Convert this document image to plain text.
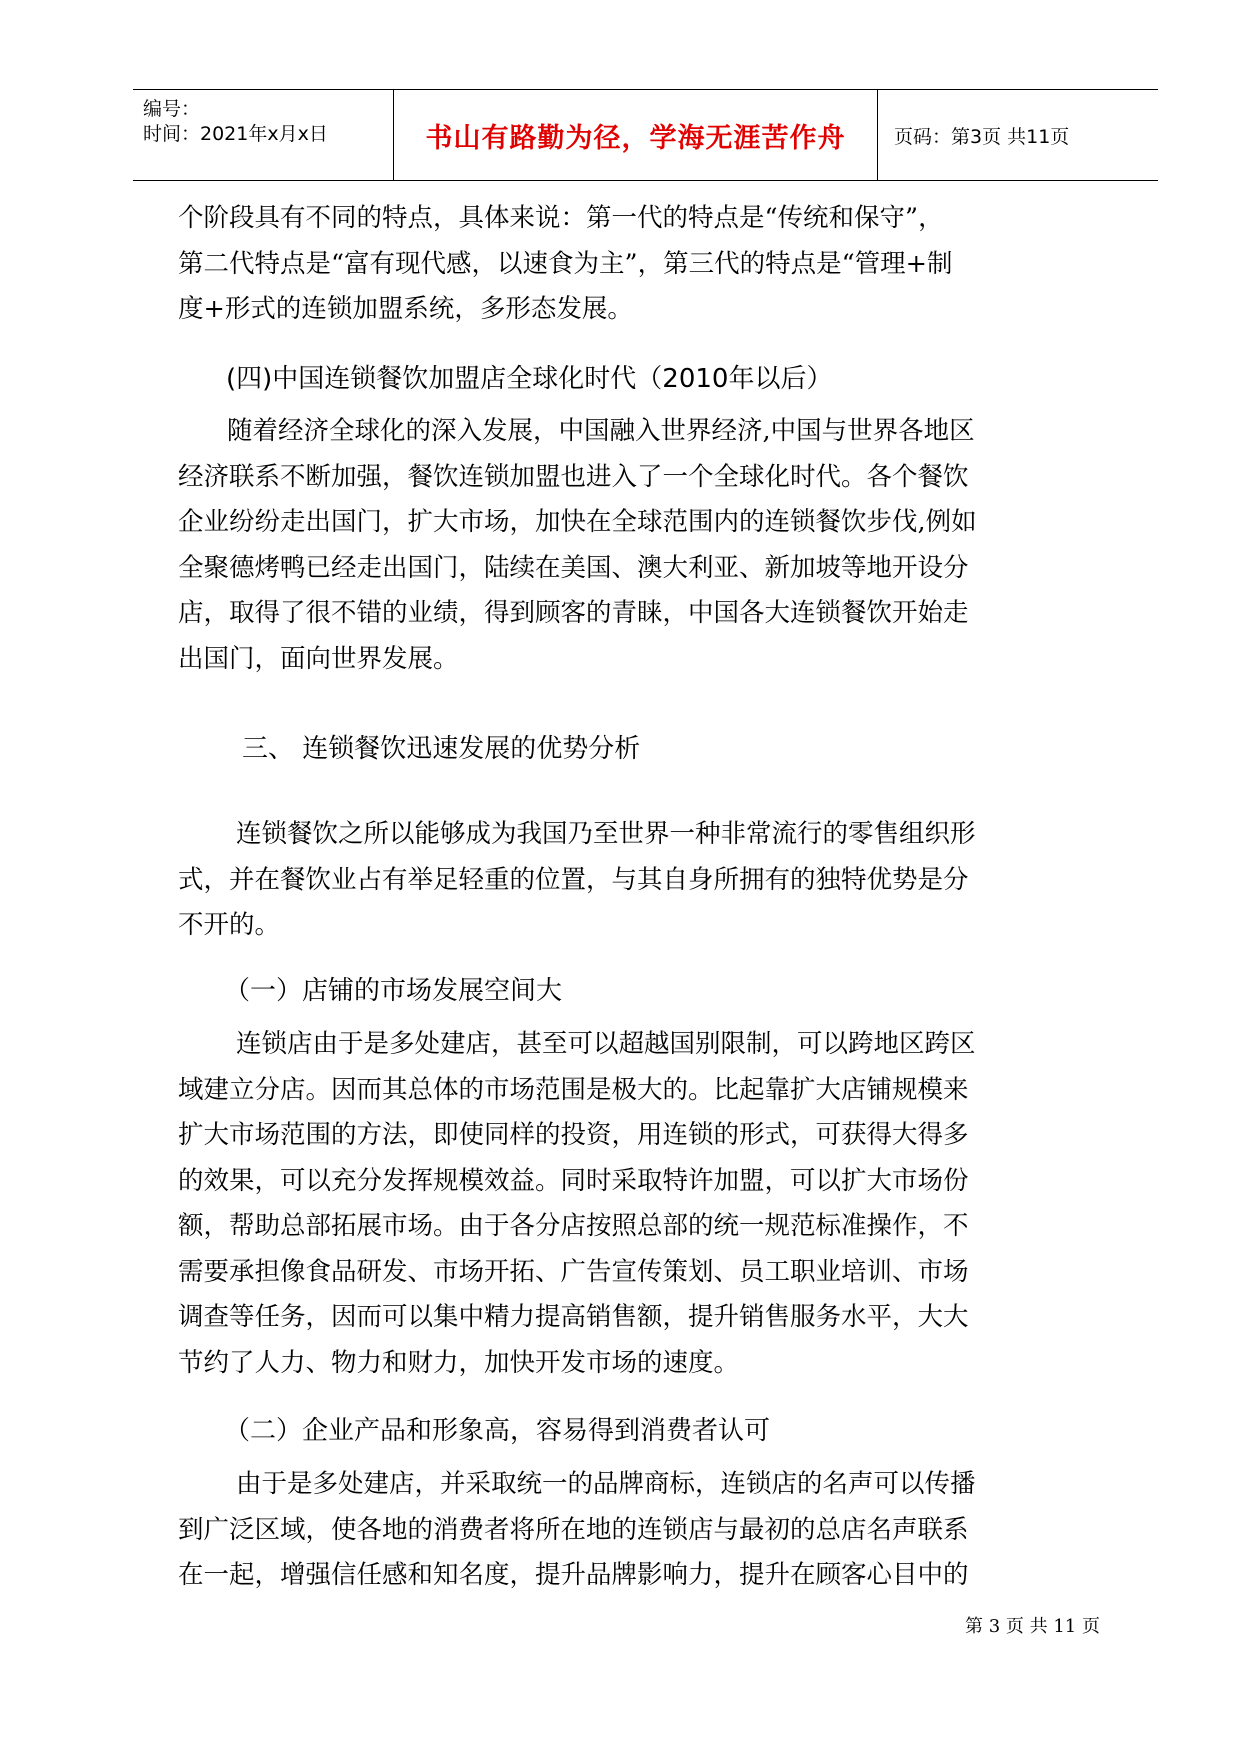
编号：
时间：2021年x月x日	书山有路勤为径，学海无涯苦作舟	页码：第3页 共11页
个阶段具有不同的特点，具体来说：第一代的特点是“传统和保守”，
第二代特点是“富有现代感，以速食为主”，第三代的特点是“管理+制
度+形式的连锁加盟系统，多形态发展。
(四)中国连锁餐饮加盟店全球化时代（2010年以后）
随着经济全球化的深入发展，中国融入世界经济,中国与世界各地区
经济联系不断加强，餐饮连锁加盟也进入了一个全球化时代。各个餐饮
企业纷纷走出国门，扩大市场，加快在全球范围内的连锁餐饮步伐,例如
全聚德烤鸭已经走出国门，陆续在美国、澳大利亚、新加坡等地开设分
店，取得了很不错的业绩，得到顾客的青睐，中国各大连锁餐饮开始走
出国门，面向世界发展。
三、 连锁餐饮迅速发展的优势分析
连锁餐饮之所以能够成为我国乃至世界一种非常流行的零售组织形
式，并在餐饮业占有举足轻重的位置，与其自身所拥有的独特优势是分
不开的。
（一）店铺的市场发展空间大
连锁店由于是多处建店，甚至可以超越国别限制，可以跨地区跨区
域建立分店。因而其总体的市场范围是极大的。比起靠扩大店铺规模来
扩大市场范围的方法，即使同样的投资，用连锁的形式，可获得大得多
的效果，可以充分发挥规模效益。同时采取特许加盟，可以扩大市场份
额，帮助总部拓展市场。由于各分店按照总部的统一规范标准操作，不
需要承担像食品研发、市场开拓、广告宣传策划、员工职业培训、市场
调查等任务，因而可以集中精力提高销售额，提升销售服务水平，大大
节约了人力、物力和财力，加快开发市场的速度。
（二）企业产品和形象高，容易得到消费者认可
由于是多处建店，并采取统一的品牌商标，连锁店的名声可以传播
到广泛区域，使各地的消费者将所在地的连锁店与最初的总店名声联系
在一起，增强信任感和知名度，提升品牌影响力，提升在顾客心目中的
第 3 页 共 11 页
